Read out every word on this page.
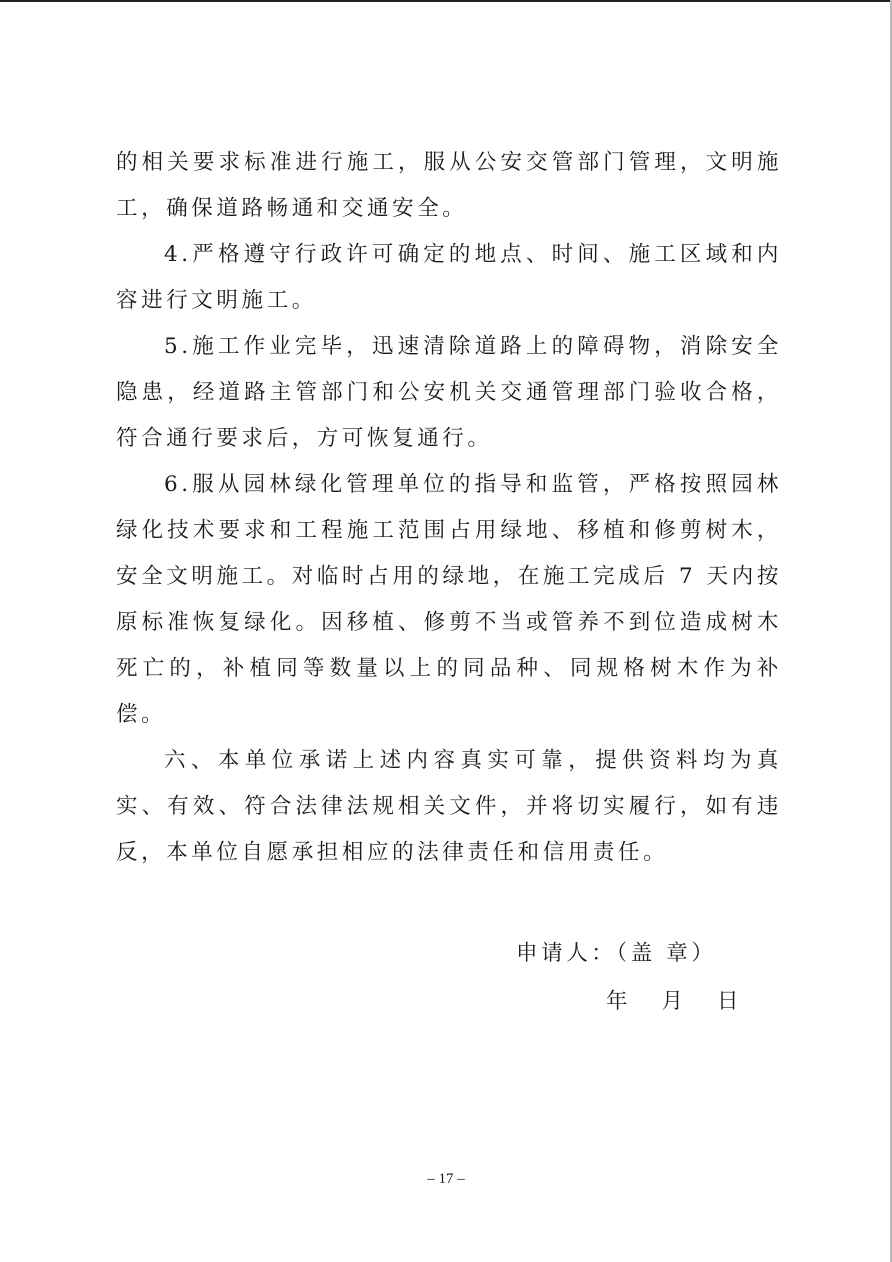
的相关要求标准进行施工，服从公安交管部门管理，文明施工，确保道路畅通和交通安全。

4.严格遵守行政许可确定的地点、时间、施工区域和内容进行文明施工。

5.施工作业完毕，迅速清除道路上的障碍物，消除安全隐患，经道路主管部门和公安机关交通管理部门验收合格，符合通行要求后，方可恢复通行。

6.服从园林绿化管理单位的指导和监管，严格按照园林绿化技术要求和工程施工范围占用绿地、移植和修剪树木，安全文明施工。对临时占用的绿地，在施工完成后 7 天内按原标准恢复绿化。因移植、修剪不当或管养不到位造成树木死亡的，补植同等数量以上的同品种、同规格树木作为补偿。

六、本单位承诺上述内容真实可靠，提供资料均为真实、有效、符合法律法规相关文件，并将切实履行，如有违反，本单位自愿承担相应的法律责任和信用责任。

申请人：（盖 章）
年 月 日
– 17 –
